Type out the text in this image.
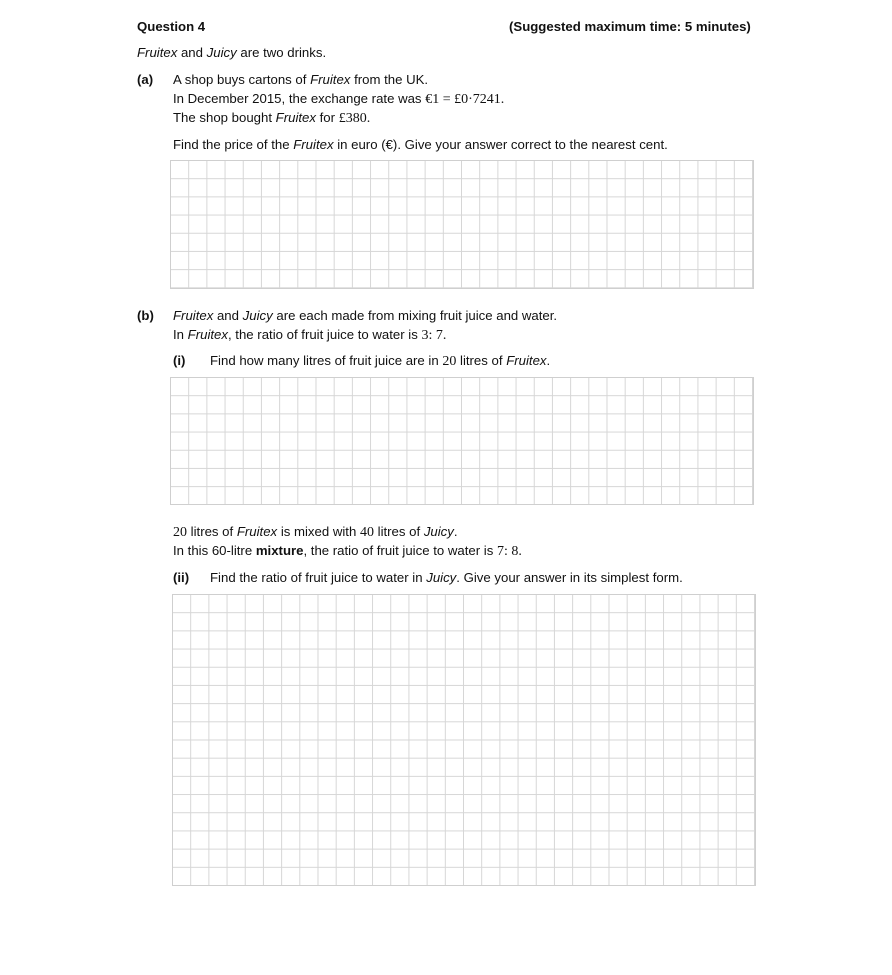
Question 4	(Suggested maximum time: 5 minutes)
Fruitex and Juicy are two drinks.
(a) A shop buys cartons of Fruitex from the UK.
In December 2015, the exchange rate was €1 = £0·7241.
The shop bought Fruitex for £380.
Find the price of the Fruitex in euro (€). Give your answer correct to the nearest cent.
(b) Fruitex and Juicy are each made from mixing fruit juice and water.
In Fruitex, the ratio of fruit juice to water is 3: 7.
(i) Find how many litres of fruit juice are in 20 litres of Fruitex.
20 litres of Fruitex is mixed with 40 litres of Juicy.
In this 60-litre mixture, the ratio of fruit juice to water is 7: 8.
(ii) Find the ratio of fruit juice to water in Juicy. Give your answer in its simplest form.
